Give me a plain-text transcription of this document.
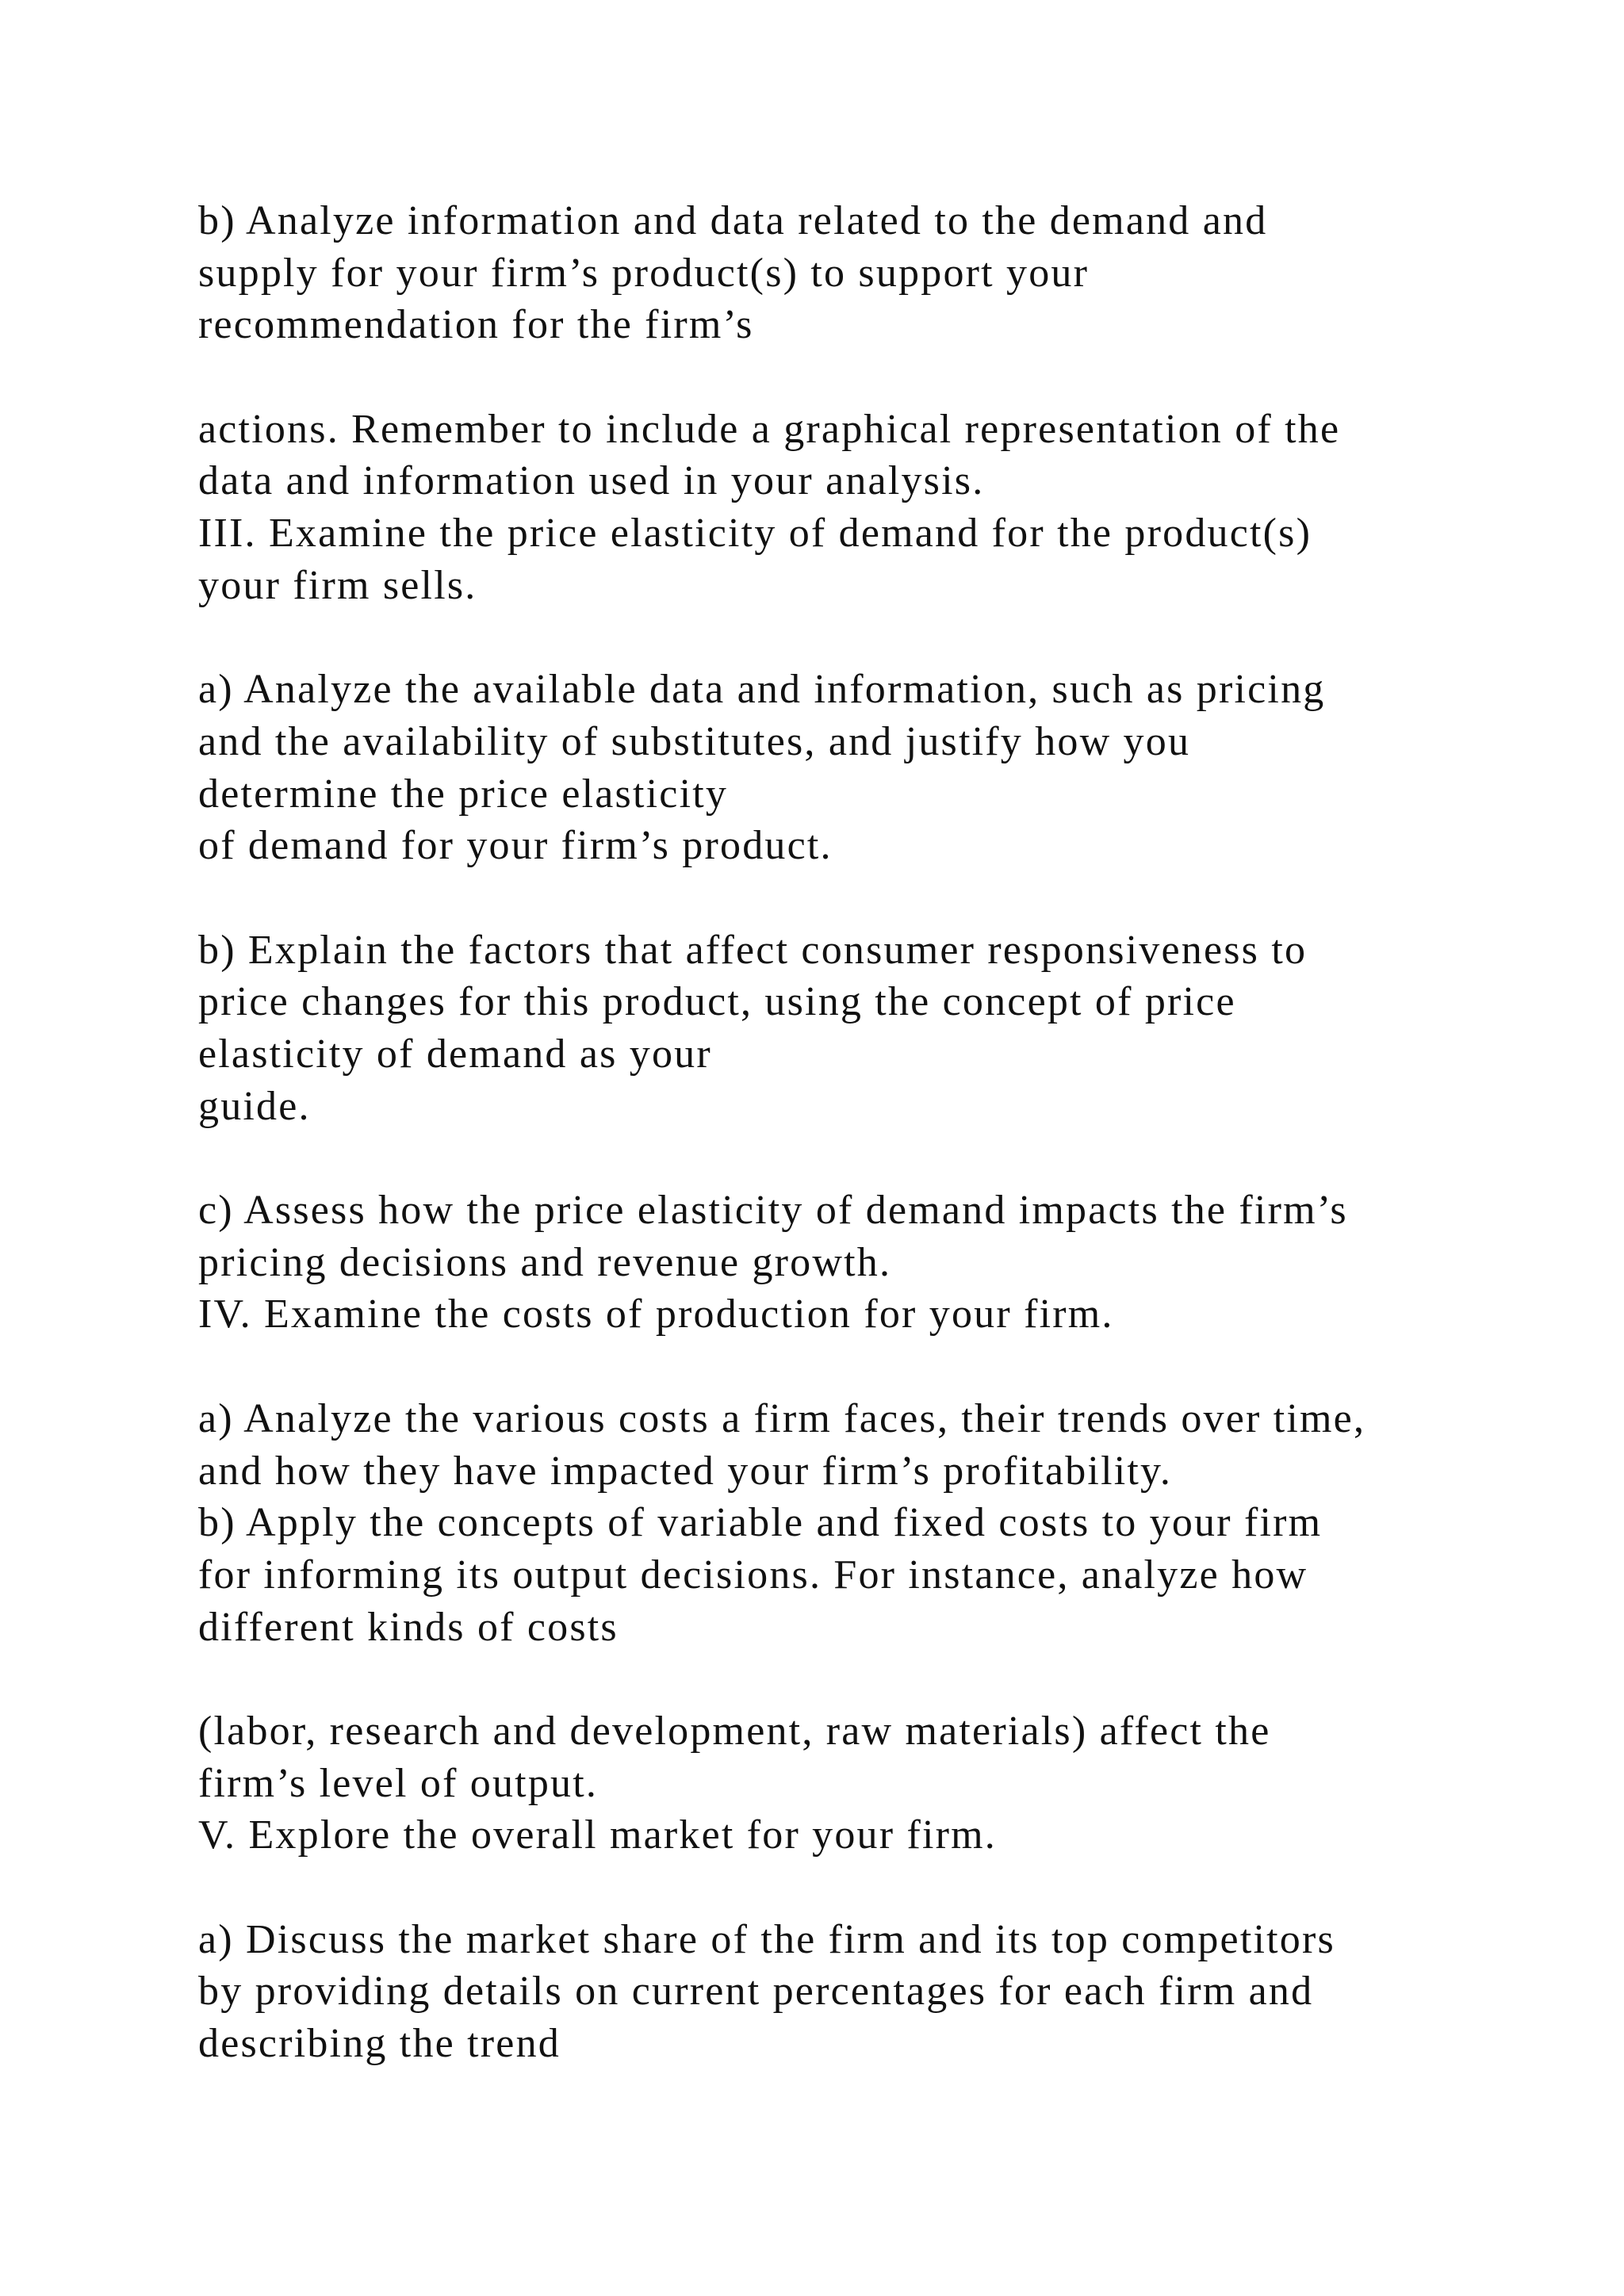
b) Analyze information and data related to the demand and
supply for your firm’s product(s) to support your
recommendation for the firm’s
actions. Remember to include a graphical representation of the
data and information used in your analysis.
III. Examine the price elasticity of demand for the product(s)
your firm sells.
a) Analyze the available data and information, such as pricing
and the availability of substitutes, and justify how you
determine the price elasticity
of demand for your firm’s product.
b) Explain the factors that affect consumer responsiveness to
price changes for this product, using the concept of price
elasticity of demand as your
guide.
c) Assess how the price elasticity of demand impacts the firm’s
pricing decisions and revenue growth.
IV. Examine the costs of production for your firm.
a) Analyze the various costs a firm faces, their trends over time,
and how they have impacted your firm’s profitability.
b) Apply the concepts of variable and fixed costs to your firm
for informing its output decisions. For instance, analyze how
different kinds of costs
(labor, research and development, raw materials) affect the
firm’s level of output.
V. Explore the overall market for your firm.
a) Discuss the market share of the firm and its top competitors
by providing details on current percentages for each firm and
describing the trend
